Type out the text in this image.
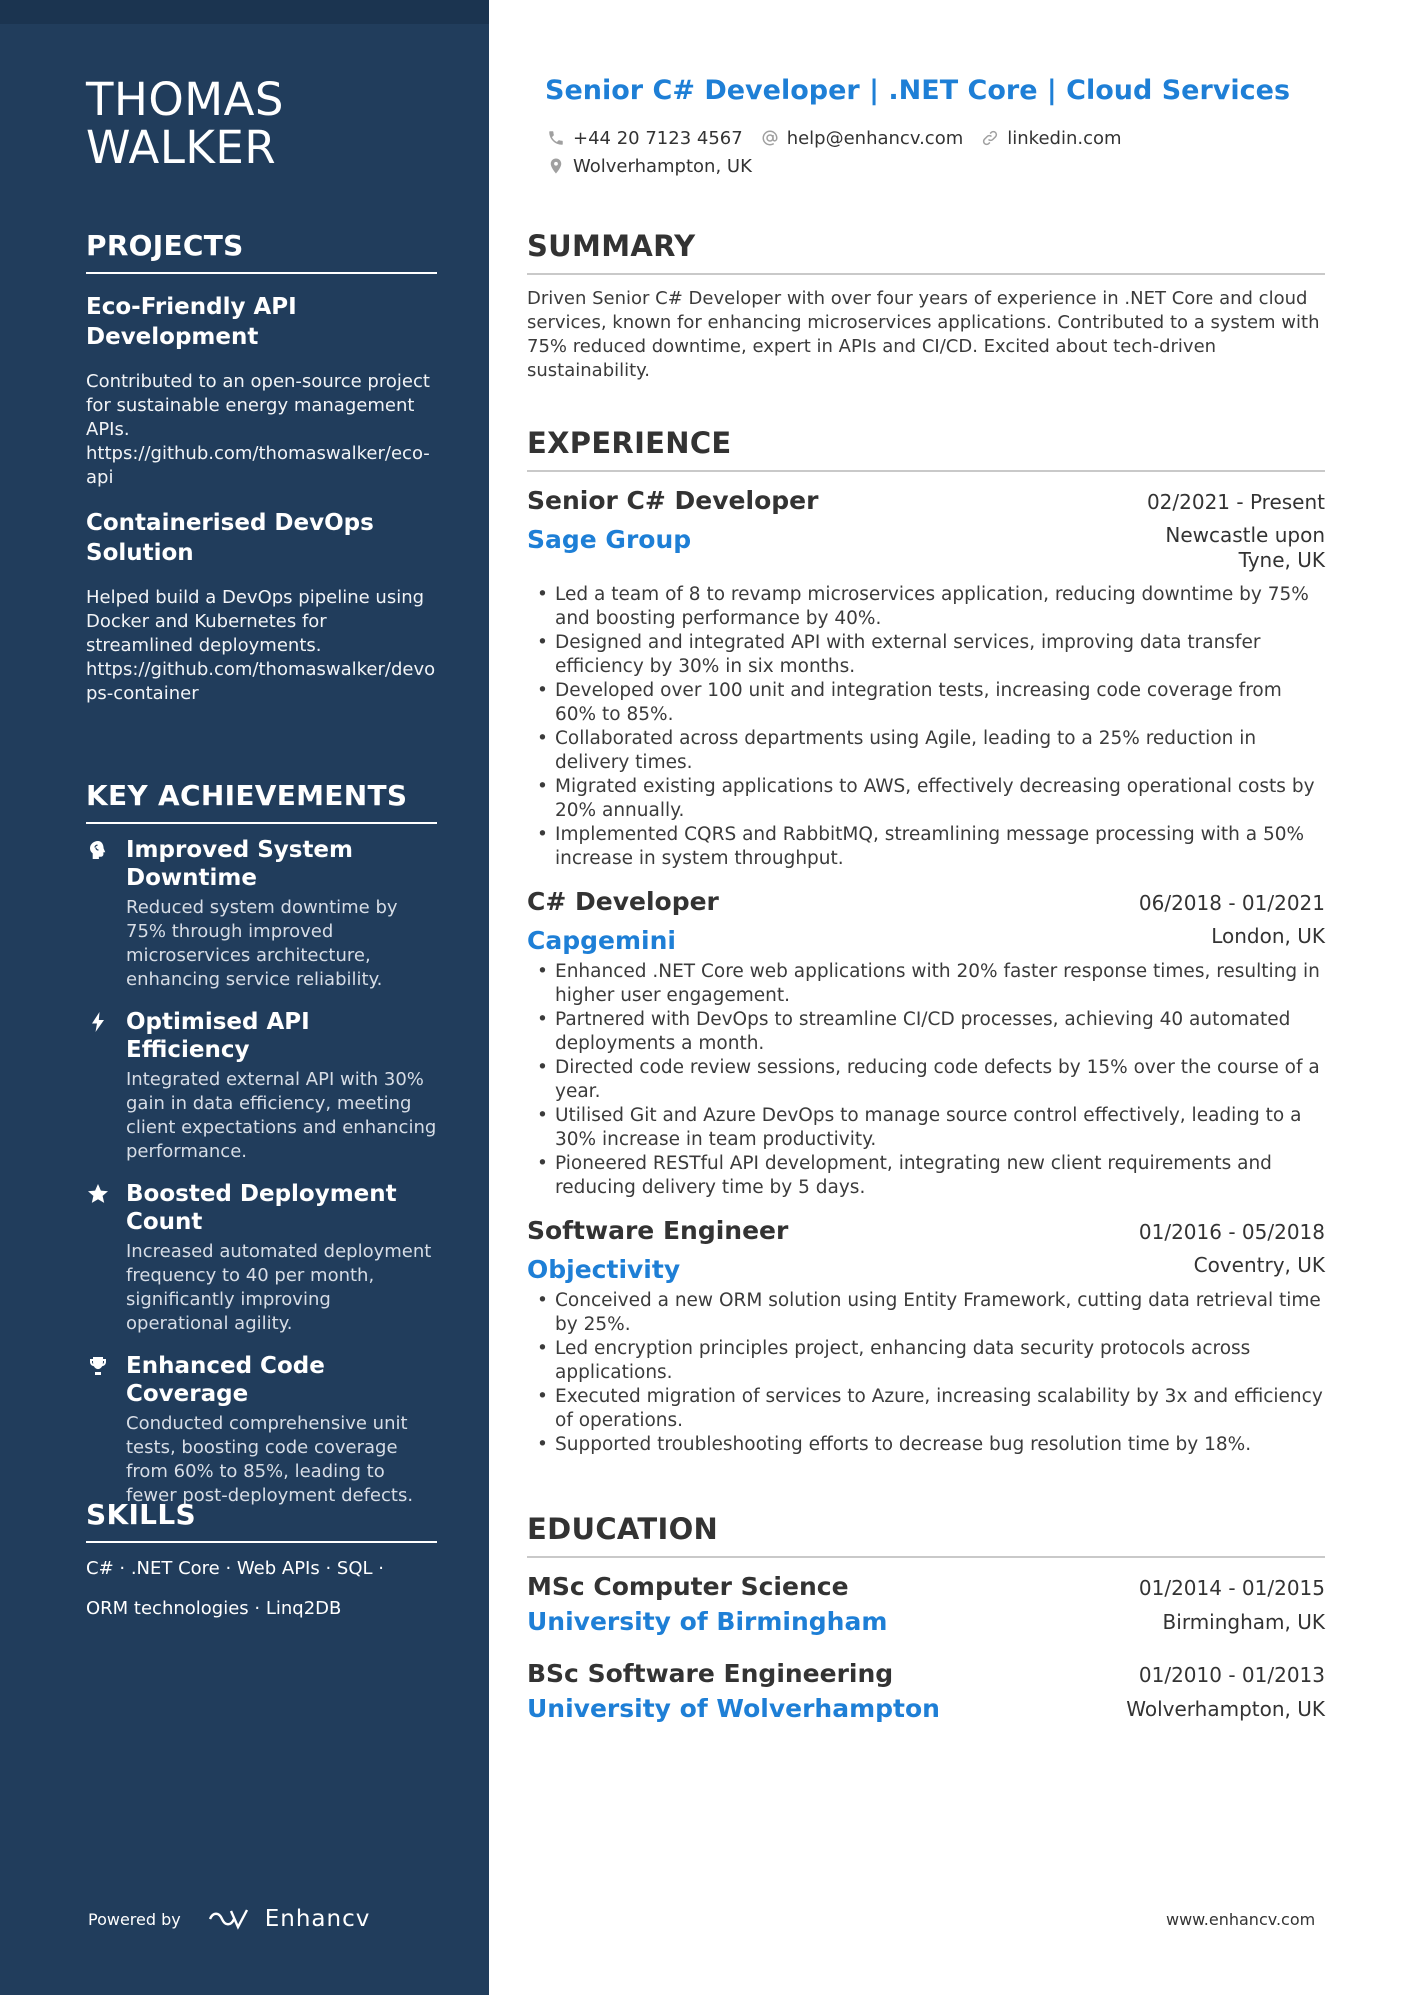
THOMAS WALKER
PROJECTS
Eco-Friendly API Development

Contributed to an open-source project for sustainable energy management APIs. https://github.com/thomaswalker/eco-api

Containerised DevOps Solution

Helped build a DevOps pipeline using Docker and Kubernetes for streamlined deployments. https://github.com/thomaswalker/devops-container

KEY ACHIEVEMENTS
Improved System Downtime

Reduced system downtime by 75% through improved microservices architecture, enhancing service reliability.

Optimised API Efficiency

Integrated external API with 30% gain in data efficiency, meeting client expectations and enhancing performance.

Boosted Deployment Count

Increased automated deployment frequency to 40 per month, significantly improving operational agility.

Enhanced Code Coverage

Conducted comprehensive unit tests, boosting code coverage from 60% to 85%, leading to fewer post-deployment defects.

SKILLS

C# · .NET Core · Web APIs · SQL ·

ORM technologies · Linq2DB

Powered by	Enhancv
Senior C# Developer | .NET Core | Cloud Services
+44 20 7123 4567 help@enhancv.com linkedin.com
Wolverhampton, UK
SUMMARY

Driven Senior C# Developer with over four years of experience in .NET Core and cloud services, known for enhancing microservices applications. Contributed to a system with 75% reduced downtime, expert in APIs and CI/CD. Excited about tech-driven sustainability.

EXPERIENCE
Senior C# Developer	02/2021 - Present
Sage Group	Newcastle upon Tyne, UK
• Led a team of 8 to revamp microservices application, reducing downtime by 75% and boosting performance by 40%.
• Designed and integrated API with external services, improving data transfer efficiency by 30% in six months.
• Developed over 100 unit and integration tests, increasing code coverage from 60% to 85%.
• Collaborated across departments using Agile, leading to a 25% reduction in delivery times.
• Migrated existing applications to AWS, effectively decreasing operational costs by 20% annually.
• Implemented CQRS and RabbitMQ, streamlining message processing with a 50% increase in system throughput.
C# Developer	06/2018 - 01/2021
Capgemini	London, UK
• Enhanced .NET Core web applications with 20% faster response times, resulting in higher user engagement.
• Partnered with DevOps to streamline CI/CD processes, achieving 40 automated deployments a month.
• Directed code review sessions, reducing code defects by 15% over the course of a year.
• Utilised Git and Azure DevOps to manage source control effectively, leading to a 30% increase in team productivity.
• Pioneered RESTful API development, integrating new client requirements and reducing delivery time by 5 days.
Software Engineer	01/2016 - 05/2018
Objectivity	Coventry, UK
• Conceived a new ORM solution using Entity Framework, cutting data retrieval time by 25%.
• Led encryption principles project, enhancing data security protocols across applications.
• Executed migration of services to Azure, increasing scalability by 3x and efficiency of operations.
• Supported troubleshooting efforts to decrease bug resolution time by 18%.
EDUCATION
MSc Computer Science	01/2014 - 01/2015
University of Birmingham	Birmingham, UK
BSc Software Engineering	01/2010 - 01/2013
University of Wolverhampton	Wolverhampton, UK
www.enhancv.com
